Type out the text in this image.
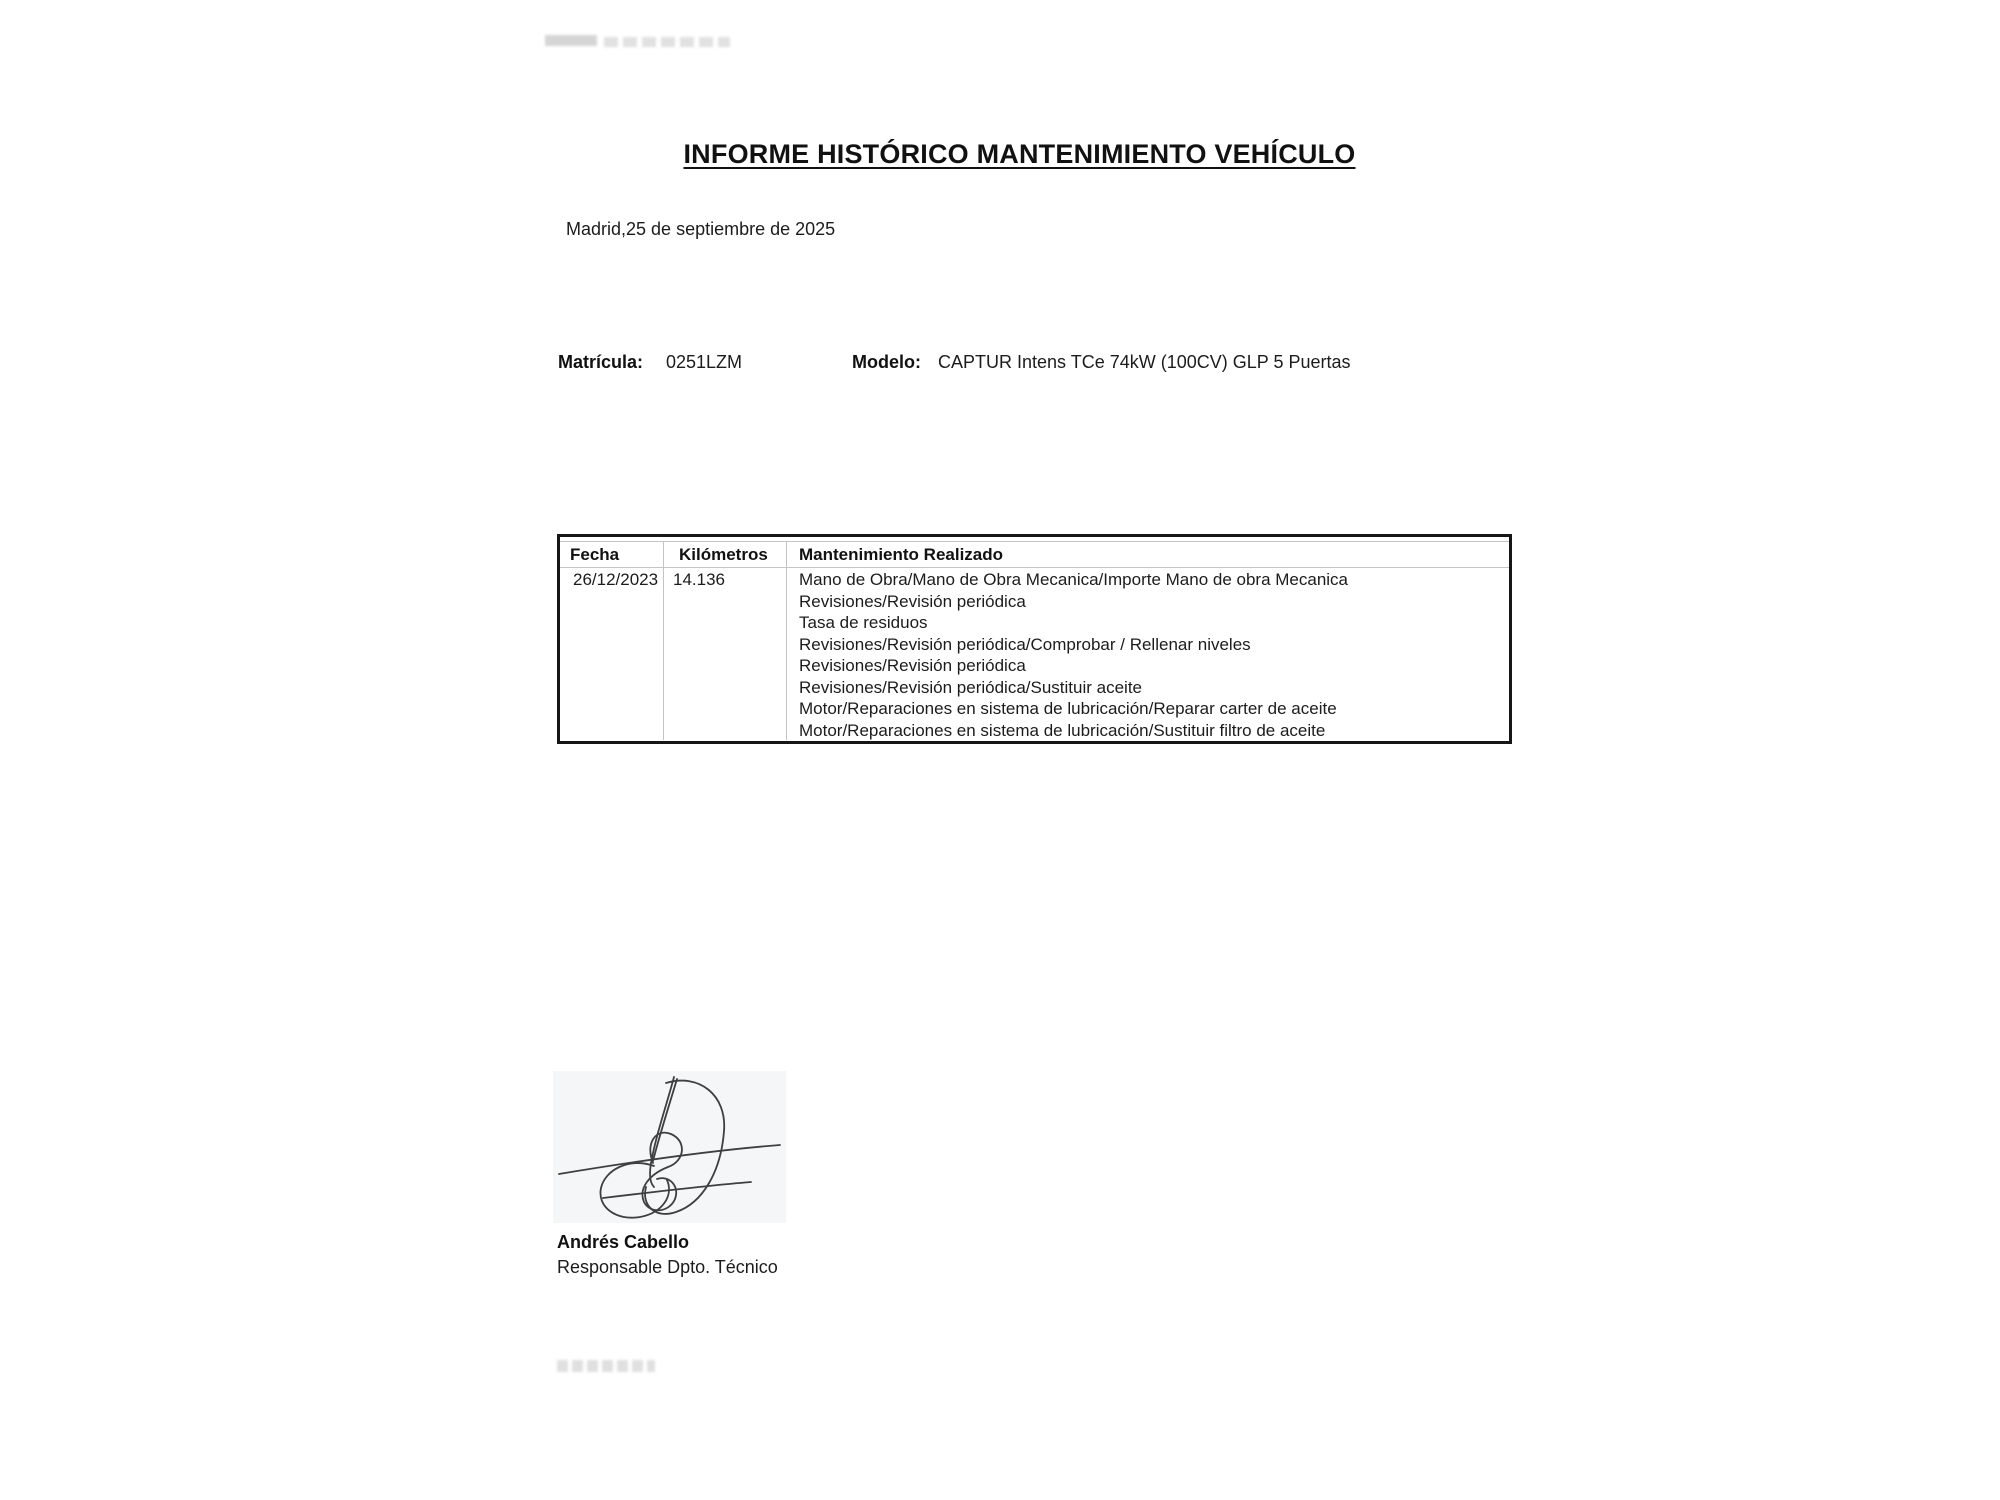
INFORME HISTÓRICO MANTENIMIENTO VEHÍCULO
Madrid,25 de septiembre de 2025
Matrícula: 0251LZM	Modelo: CAPTUR Intens TCe 74kW (100CV) GLP 5 Puertas
Fecha	Kilómetros	Mantenimiento Realizado
26/12/2023 14.136	Mano de Obra/Mano de Obra Mecanica/Importe Mano de obra Mecanica
Revisiones/Revisión periódica
Tasa de residuos
Revisiones/Revisión periódica/Comprobar / Rellenar niveles
Revisiones/Revisión periódica
Revisiones/Revisión periódica/Sustituir aceite
Motor/Reparaciones en sistema de lubricación/Reparar carter de aceite
Motor/Reparaciones en sistema de lubricación/Sustituir filtro de aceite
Andrés Cabello
Responsable Dpto. Técnico
